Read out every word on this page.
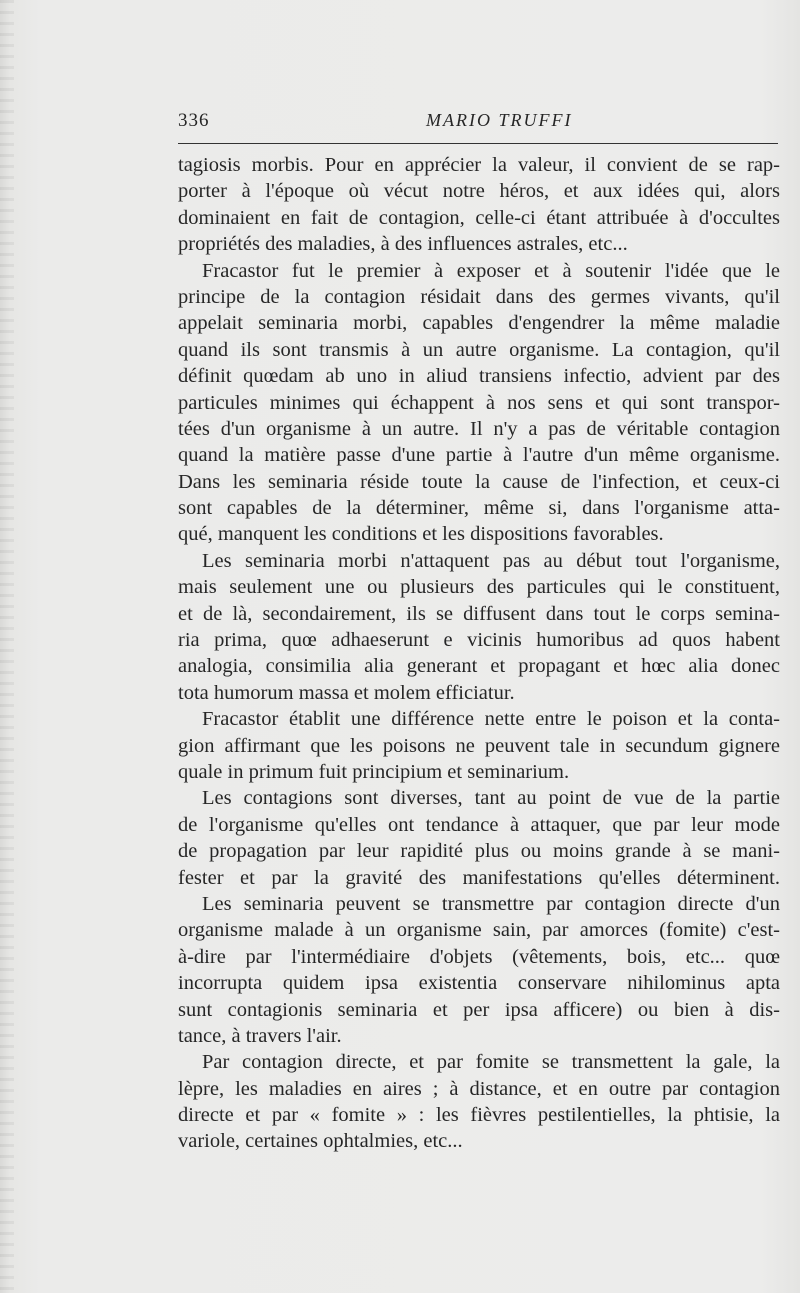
336	MARIO TRUFFI
tagiosis morbis. Pour en apprécier la valeur, il convient de se rap-
porter à l'époque où vécut notre héros, et aux idées qui, alors
dominaient en fait de contagion, celle-ci étant attribuée à d'occultes
propriétés des maladies, à des influences astrales, etc...
Fracastor fut le premier à exposer et à soutenir l'idée que le
principe de la contagion résidait dans des germes vivants, qu'il
appelait seminaria morbi, capables d'engendrer la même maladie
quand ils sont transmis à un autre organisme. La contagion, qu'il
définit quœdam ab uno in aliud transiens infectio, advient par des
particules minimes qui échappent à nos sens et qui sont transpor-
tées d'un organisme à un autre. Il n'y a pas de véritable contagion
quand la matière passe d'une partie à l'autre d'un même organisme.
Dans les seminaria réside toute la cause de l'infection, et ceux-ci
sont capables de la déterminer, même si, dans l'organisme atta-
qué, manquent les conditions et les dispositions favorables.
Les seminaria morbi n'attaquent pas au début tout l'organisme,
mais seulement une ou plusieurs des particules qui le constituent,
et de là, secondairement, ils se diffusent dans tout le corps semina-
ria prima, quœ adhaeserunt e vicinis humoribus ad quos habent
analogia, consimilia alia generant et propagant et hœc alia donec
tota humorum massa et molem efficiatur.
Fracastor établit une différence nette entre le poison et la conta-
gion affirmant que les poisons ne peuvent tale in secundum gignere
quale in primum fuit principium et seminarium.
Les contagions sont diverses, tant au point de vue de la partie
de l'organisme qu'elles ont tendance à attaquer, que par leur mode
de propagation par leur rapidité plus ou moins grande à se mani-
fester et par la gravité des manifestations qu'elles déterminent.
Les seminaria peuvent se transmettre par contagion directe d'un
organisme malade à un organisme sain, par amorces (fomite) c'est-
à-dire par l'intermédiaire d'objets (vêtements, bois, etc... quœ
incorrupta quidem ipsa existentia conservare nihilominus apta
sunt contagionis seminaria et per ipsa afficere) ou bien à dis-
tance, à travers l'air.
Par contagion directe, et par fomite se transmettent la gale, la
lèpre, les maladies en aires ; à distance, et en outre par contagion
directe et par « fomite » : les fièvres pestilentielles, la phtisie, la
variole, certaines ophtalmies, etc...
